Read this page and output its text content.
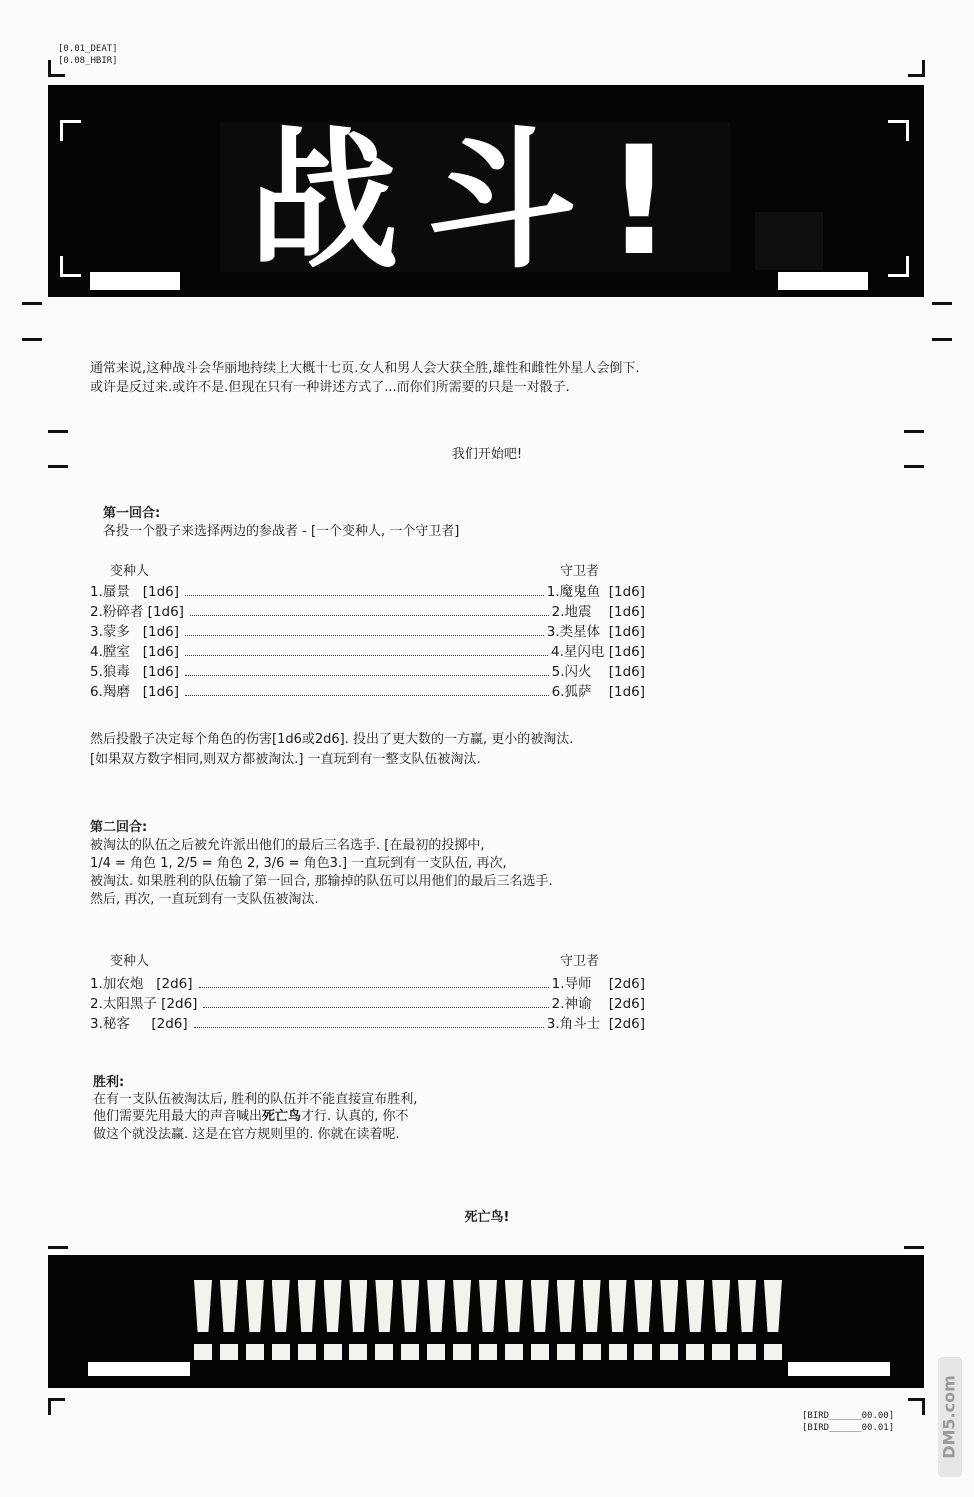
[0.01_DEAT]
[0.08_HBIR]
战斗!
通常来说,这种战斗会华丽地持续上大概十七页.女人和男人会大获全胜,雄性和雌性外星人会倒下.
或许是反过来.或许不是.但现在只有一种讲述方式了...而你们所需要的只是一对骰子.
我们开始吧!
第一回合:
各投一个骰子来选择两边的参战者 - [一个变种人, 一个守卫者]
变种人	守卫者
1.蜃景   [1d6]	1.魔鬼鱼  [1d6]
2.粉碎者 [1d6]	2.地震    [1d6]
3.蒙多   [1d6]	3.类星体  [1d6]
4.膛室   [1d6]	4.星闪电 [1d6]
5.狼毒   [1d6]	5.闪火    [1d6]
6.羯磨   [1d6]	6.狐萨    [1d6]
然后投骰子决定每个角色的伤害[1d6或2d6]. 投出了更大数的一方赢, 更小的被淘汰.
[如果双方数字相同,则双方都被淘汰.] 一直玩到有一整支队伍被淘汰.
第二回合:
被淘汰的队伍之后被允许派出他们的最后三名选手. [在最初的投掷中,
1/4 = 角色 1, 2/5 = 角色 2, 3/6 = 角色3.] 一直玩到有一支队伍, 再次,
被淘汰. 如果胜利的队伍输了第一回合, 那输掉的队伍可以用他们的最后三名选手.
然后, 再次, 一直玩到有一支队伍被淘汰.
变种人	守卫者
1.加农炮   [2d6]	1.导师    [2d6]
2.太阳黑子 [2d6]	2.神谕    [2d6]
3.秘客     [2d6]	3.角斗士  [2d6]
胜利:
在有一支队伍被淘汰后, 胜利的队伍并不能直接宣布胜利,
他们需要先用最大的声音喊出死亡鸟才行. 认真的, 你不
做这个就没法赢. 这是在官方规则里的. 你就在读着呢.
死亡鸟!
[BIRD______00.00]
[BIRD______00.01]	DM5.com
